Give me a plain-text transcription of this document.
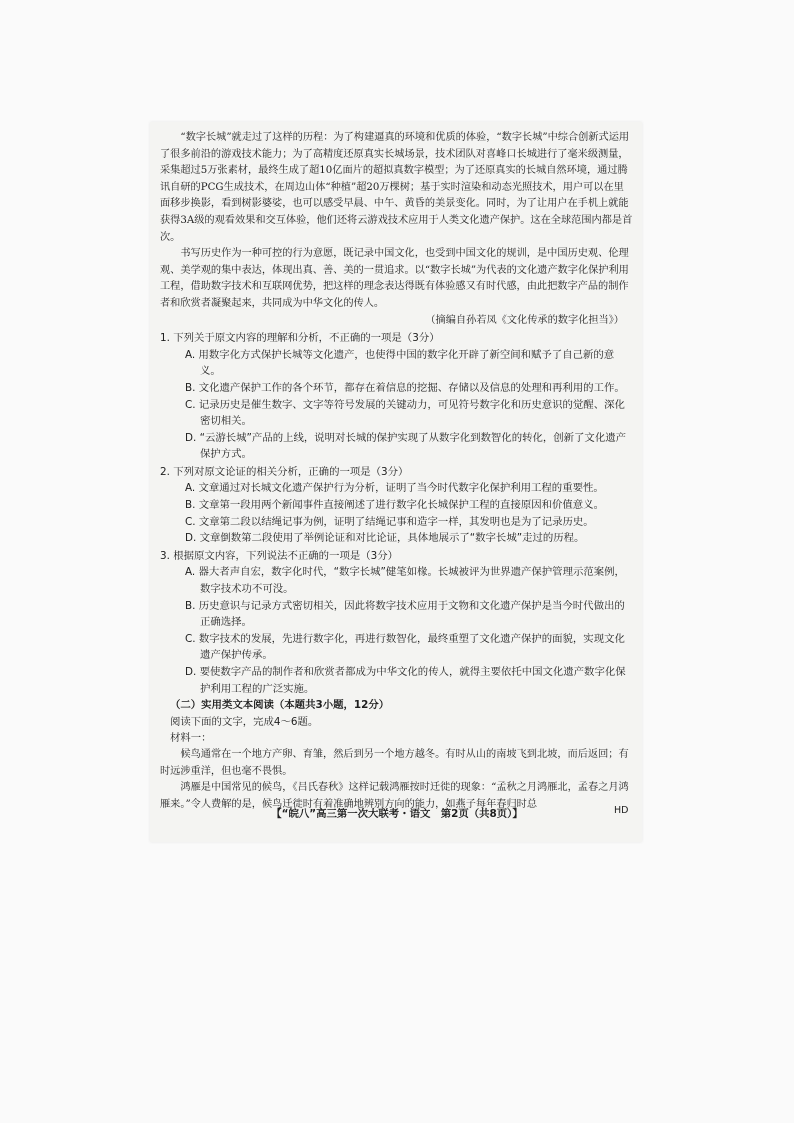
“数字长城”就走过了这样的历程：为了构建逼真的环境和优质的体验，“数字长城”中综合创新式运用了很多前沿的游戏技术能力；为了高精度还原真实长城场景，技术团队对喜峰口长城进行了毫米级测量，采集超过5万张素材，最终生成了超10亿面片的超拟真数字模型；为了还原真实的长城自然环境，通过腾讯自研的PCG生成技术，在周边山体“种植”超20万棵树；基于实时渲染和动态光照技术，用户可以在里面移步换影，看到树影婆娑，也可以感受早晨、中午、黄昏的美景变化。同时，为了让用户在手机上就能获得3A级的观看效果和交互体验，他们还将云游戏技术应用于人类文化遗产保护。这在全球范围内都是首次。

书写历史作为一种可控的行为意愿，既记录中国文化，也受到中国文化的规训，是中国历史观、伦理观、美学观的集中表达，体现出真、善、美的一贯追求。以“数字长城”为代表的文化遗产数字化保护利用工程，借助数字技术和互联网优势，把这样的理念表达得既有体验感又有时代感，由此把数字产品的制作者和欣赏者凝聚起来，共同成为中华文化的传人。

（摘编自孙若凤《文化传承的数字化担当》）

1. 下列关于原文内容的理解和分析，不正确的一项是（3分）

A. 用数字化方式保护长城等文化遗产，也使得中国的数字化开辟了新空间和赋予了自己新的意义。

B. 文化遗产保护工作的各个环节，都存在着信息的挖掘、存储以及信息的处理和再利用的工作。

C. 记录历史是催生数字、文字等符号发展的关键动力，可见符号数字化和历史意识的觉醒、深化密切相关。

D. “云游长城”产品的上线，说明对长城的保护实现了从数字化到数智化的转化，创新了文化遗产保护方式。

2. 下列对原文论证的相关分析，正确的一项是（3分）

A. 文章通过对长城文化遗产保护行为分析，证明了当今时代数字化保护利用工程的重要性。

B. 文章第一段用两个新闻事件直接阐述了进行数字化长城保护工程的直接原因和价值意义。

C. 文章第二段以结绳记事为例，证明了结绳记事和造字一样，其发明也是为了记录历史。

D. 文章倒数第二段使用了举例论证和对比论证，具体地展示了“数字长城”走过的历程。

3. 根据原文内容，下列说法不正确的一项是（3分）

A. 器大者声自宏，数字化时代，“数字长城”健笔如椽。长城被评为世界遗产保护管理示范案例，数字技术功不可没。

B. 历史意识与记录方式密切相关，因此将数字技术应用于文物和文化遗产保护是当今时代做出的正确选择。

C. 数字技术的发展，先进行数字化，再进行数智化，最终重塑了文化遗产保护的面貌，实现文化遗产保护传承。

D. 要使数字产品的制作者和欣赏者都成为中华文化的传人，就得主要依托中国文化遗产数字化保护利用工程的广泛实施。

（二）实用类文本阅读（本题共3小题，12分）

阅读下面的文字，完成4～6题。

材料一：

候鸟通常在一个地方产卵、育雏，然后到另一个地方越冬。有时从山的南坡飞到北坡，而后返回；有时远涉重洋，但也毫不畏惧。

鸿雁是中国常见的候鸟，《吕氏春秋》这样记载鸿雁按时迁徙的现象：“孟秋之月鸿雁北，孟春之月鸿雁来。”令人费解的是，候鸟迁徙时有着准确地辨别方向的能力，如燕子每年春归时总

【“皖八”高三第一次大联考・语文　第2页（共8页）】	HD
